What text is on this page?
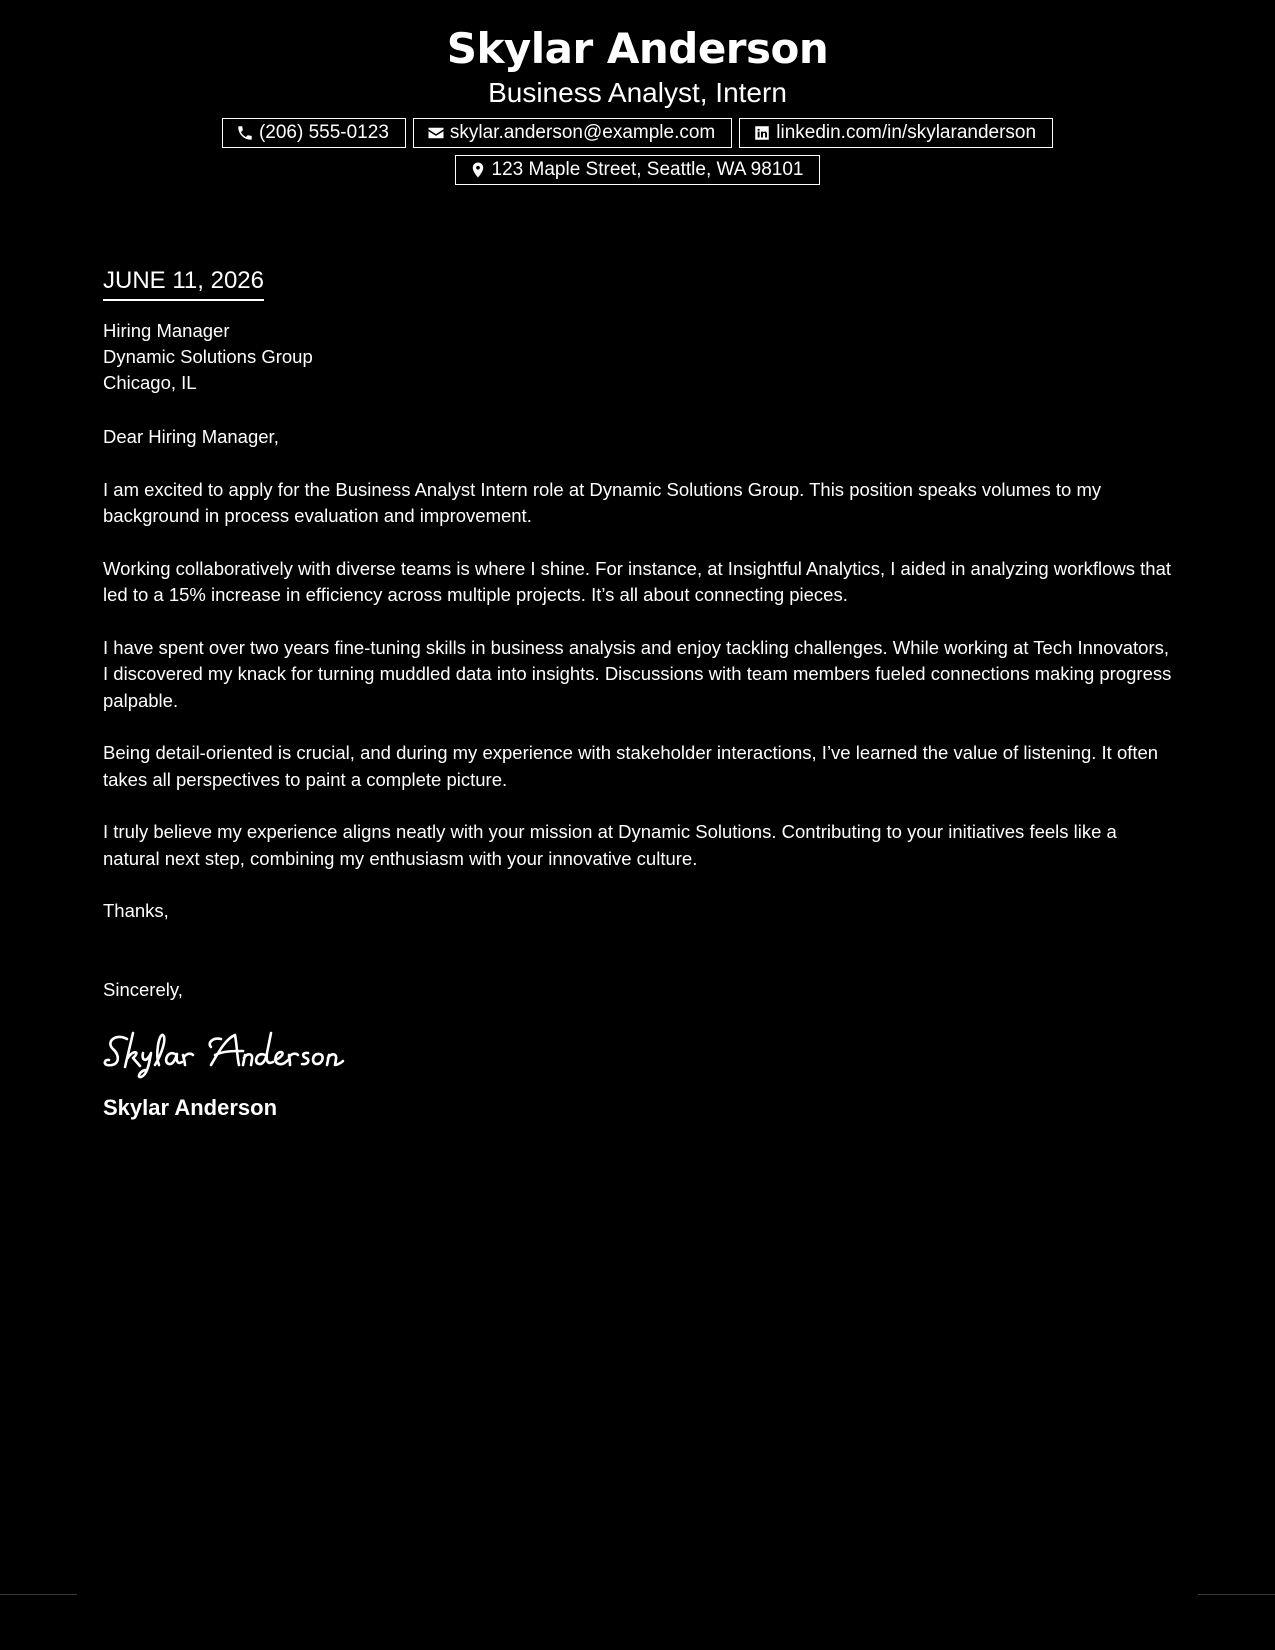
Skylar Anderson

Business Analyst, Intern

(206) 555-0123	skylar.anderson@example.com	linkedin.com/in/skylaranderson
123 Maple Street, Seattle, WA 98101
JUNE 11, 2026
Hiring Manager
Dynamic Solutions Group
Chicago, IL
Dear Hiring Manager,

I am excited to apply for the Business Analyst Intern role at Dynamic Solutions Group. This position speaks volumes to my background in process evaluation and improvement.

Working collaboratively with diverse teams is where I shine. For instance, at Insightful Analytics, I aided in analyzing workflows that led to a 15% increase in efficiency across multiple projects. It’s all about connecting pieces.

I have spent over two years fine-tuning skills in business analysis and enjoy tackling challenges. While working at Tech Innovators, I discovered my knack for turning muddled data into insights. Discussions with team members fueled connections making progress palpable.

Being detail-oriented is crucial, and during my experience with stakeholder interactions, I’ve learned the value of listening. It often takes all perspectives to paint a complete picture.

I truly believe my experience aligns neatly with your mission at Dynamic Solutions. Contributing to your initiatives feels like a natural next step, combining my enthusiasm with your innovative culture.

Thanks,
Sincerely,
Skylar Anderson
